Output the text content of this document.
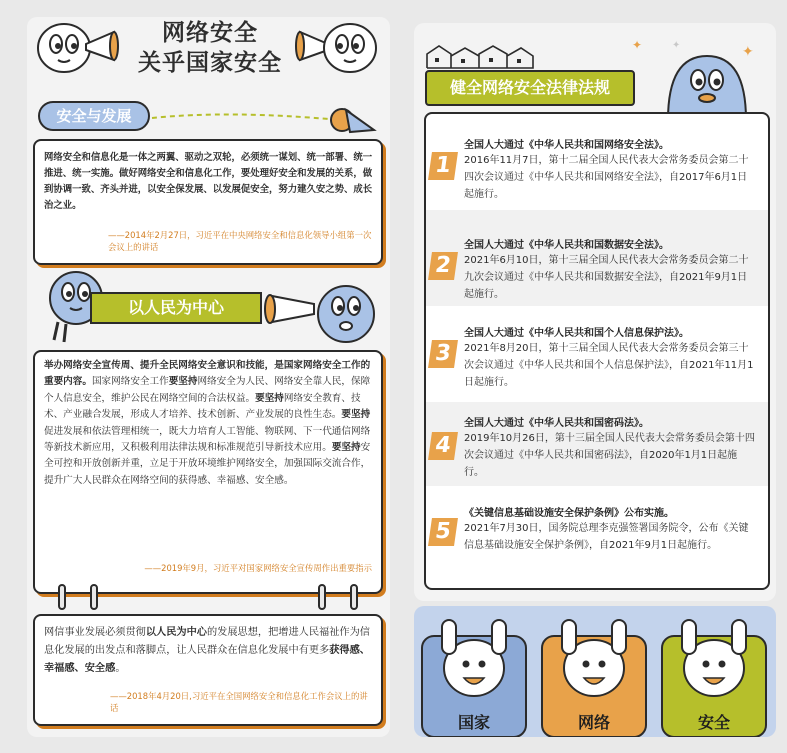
网络安全
关乎国家安全
安全与发展
网络安全和信息化是一体之两翼、驱动之双轮，必须统一谋划、统一部署、统一推进、统一实施。做好网络安全和信息化工作，要处理好安全和发展的关系，做到协调一致、齐头并进，以安全保发展、以发展促安全，努力建久安之势、成长治之业。
——2014年2月27日，习近平在中央网络安全和信息化领导小组第一次会议上的讲话
以人民为中心
举办网络安全宣传周、提升全民网络安全意识和技能，是国家网络安全工作的重要内容。国家网络安全工作要坚持网络安全为人民、网络安全靠人民，保障个人信息安全，维护公民在网络空间的合法权益。要坚持网络安全教育、技术、产业融合发展，形成人才培养、技术创新、产业发展的良性生态。要坚持促进发展和依法管理相统一，既大力培育人工智能、物联网、下一代通信网络等新技术新应用，又积极利用法律法规和标准规范引导新技术应用。要坚持安全可控和开放创新并重，立足于开放环境维护网络安全，加强国际交流合作，提升广大人民群众在网络空间的获得感、幸福感、安全感。
——2019年9月，习近平对国家网络安全宣传周作出重要指示
网信事业发展必须贯彻以人民为中心的发展思想，把增进人民福祉作为信息化发展的出发点和落脚点，让人民群众在信息化发展中有更多获得感、幸福感、安全感。
——2018年4月20日,习近平在全国网络安全和信息化工作会议上的讲话
✦	✦
✦
健全网络安全法律法规
1
全国人大通过《中华人民共和国网络安全法》。
2016年11月7日，第十二届全国人民代表大会常务委员会第二十四次会议通过《中华人民共和国网络安全法》，自2017年6月1日起施行。
2
全国人大通过《中华人民共和国数据安全法》。
2021年6月10日，第十三届全国人民代表大会常务委员会第二十九次会议通过《中华人民共和国数据安全法》，自2021年9月1日起施行。
3
全国人大通过《中华人民共和国个人信息保护法》。
2021年8月20日，第十三届全国人民代表大会常务委员会第三十次会议通过《中华人民共和国个人信息保护法》，自2021年11月1日起施行。
4
全国人大通过《中华人民共和国密码法》。
2019年10月26日，第十三届全国人民代表大会常务委员会第十四次会议通过《中华人民共和国密码法》，自2020年1月1日起施行。
5
《关键信息基础设施安全保护条例》公布实施。
2021年7月30日，国务院总理李克强签署国务院令，公布《关键信息基础设施安全保护条例》，自2021年9月1日起施行。
国家	网络	安全
